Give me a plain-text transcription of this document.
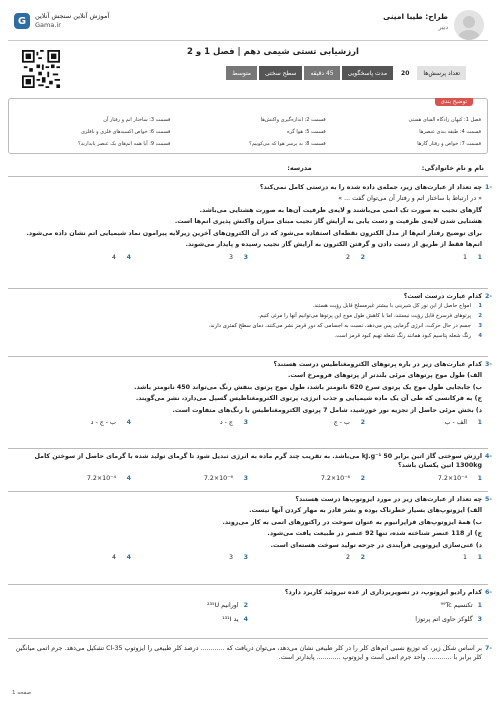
طراح: طیبا امینی
دبیر
G	آموزش آنلاین سنجش آنلاین
Gama.ir
ارزشیابی تستی شیمی دهم | فصل 1 و 2
تعداد پرسش‌ها
20
مدت پاسخگویی
45 دقیقه
سطح سختی
متوسط
توضیح بندی
فصل 1: کیهان زادگاه الفبای هستی
قسمت 2: اندازه‌گیری واکنش‌ها
قسمت 3: ساختار اتم و رفتار آن
قسمت 4: طبقه بندی عنصرها
قسمت 5: هوا گره
قسمت 6: خواص اکسیدهای فلزی و نافلزی
قسمت 7: خواص و رفتار گازها
قسمت 8: به پرسر هوا که می‌کوییم؟
قسمت 9: آیا همه اتم‌های یک عنصر پایدارند؟
نام و نام خانوادگی:
مدرسه:
-1
چه تعداد از عبارت‌های زیر، جمله‌ی داده شده را به درستی کامل نمی‌کند؟
« در ارتباط با ساختار اتم و رفتار آن می‌توان گفت ... »
گازهای نجیب به صورت تک اتمی می‌باشند و لایه‌ی ظرفیت آن‌ها به صورت هشتایی می‌باشد.
هشتایی شدن لایه‌ی ظرفیت و دست یابی به آرایش گاز نجیب مبنای میزان واکنش پذیری اتم‌ها است.
برای توضیح رفتار اتم‌ها از مدل الکترون نقطه‌ای استفاده می‌شود که در آن الکترون‌های آخرین زیرلایه پیرامون نماد شیمیایی اتم نشان داده می‌شود.
اتم‌ها فقط از طریق از دست دادن و گرفتن الکترون به آرایش گاز نجیب رسیده و پایدار می‌شوند.
1
1
2
2
3
3
4
4
-2
کدام عبارت درست است؟
1
امواج حاصل از این نور کل شیرینی با بیشتر غیرمسلح قابل رؤیت هستند.
2
پرتوهای فرسرخ قابل رؤیت نیستند، اما با کاهش طول موج این پرتوها می‌توانیم آنها را مرئی کنیم.
3
جسم در حال حرکت، انرژی گرمایی پس می‌دهد، نسبت به اجسامی که دور قرمز نشر می‌کنند، دمای سطح کمتری دارند.
4
رنگ شعله پتاسیم کبود همانند رنگ شعله تهیم کبود قرمز است.
-3
کدام عبارت‌های زیر در باره پرتوهای الکترومغناطیس درست هستند؟
الف) طول موج پرتوهای مرئی بلندتر از پرتوهای فرومرخ است.
ب) جابجایی طول موج یک پرتوی سرخ 620 نانومتر باشد، طول موج پرتوی بنفش رنگ می‌تواند 450 نانومتر باشد.
ج) به فرکانسی که طی آن یک ماده شیمیایی و جذب انرژی، پرتوی الکترومغناطیس گسیل می‌دارد، نشر می‌گویند.
د) بخش مرئی حاصل از تجزیه نور خورشید، شامل 7 پرتوی الکترومغناطیس با رنگ‌های متفاوت است.
1
الف - ب
2
ب - ج
3
ج - د
4
ب - ج - د
-4
ارزش سوختی گاز اتین برابر kJ.g⁻¹ 50 می‌باشد. به تقریب چند گرم ماده به انرژی تبدیل شود تا گرمای تولید شده با گرمای حاصل از سوختن کامل 1300kg اتین یکسان باشد؟
1
7.2×10⁻⁴
2
7.2×10⁻⁶
3
7.2×10⁻⁶
4
7.2×10⁻⁴
-5
چه تعداد از عبارت‌های زیر در مورد ایزوتوپ‌ها درست هستند؟
الف) ایزوتوپ‌های بسیار خطرناک بوده و بشر قادر به مهار کردن آنها نیست.
ب) همهٔ ایزوتوپ‌های فراپرانیوم به عنوان سوخت در راکتورهای اتمی به کار می‌روند.
ج) از 118 عنصر شناخته شده، تنها 92 عنصر در طبیعت یافت می‌شود.
د) غنی‌سازی ایزوتوپی فرآیندی در جرحه تولید سوخت هسته‌ای است.
1
1
2
2
3
3
4
4
-6
کدام رادیو ایزوتوپ، در تصویربرداری از غده تیروئید کاربرد دارد؟
1تکنسیم ⁹⁹Tc
2اورانیم ²³⁵U
3گلوکز حاوی اتم پرتوزا
4ید ¹³¹I
-7
بر اساس شکل زیر، که توزیع نسبی اتم‌های کلر را در کلر طبیعی نشان می‌دهد، می‌توان دریافت که ............ درصد کلر طبیعی را ایزوتوپ Cl-35 تشکیل می‌دهد. جرم اتمی میانگین کلر برابر با ............ واحد جرم اتمی است و ایزوتوپ ............ پایدارتر است.
صفحه 1
